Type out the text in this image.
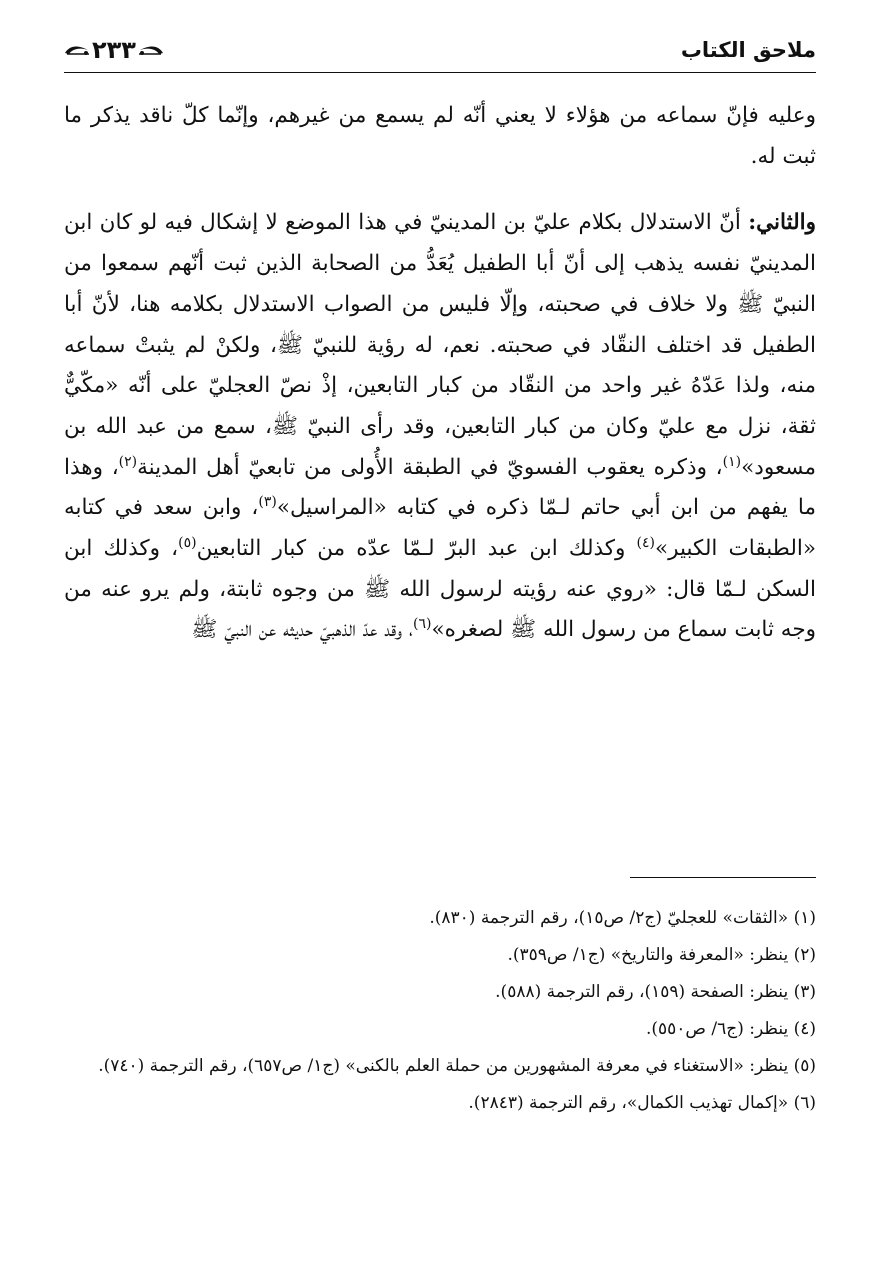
ملاحق الكتاب
٢٣٣

وعليه فإنّ سماعه من هؤلاء لا يعني أنّه لم يسمع من غيرهم، وإنّما كلّ ناقد يذكر ما ثبت له.

والثاني: أنّ الاستدلال بكلام عليّ بن المدينيّ في هذا الموضع لا إشكال فيه لو كان ابن المدينيّ نفسه يذهب إلى أنّ أبا الطفيل يُعَدُّ من الصحابة الذين ثبت أنّهم سمعوا من النبيّ ﷺ ولا خلاف في صحبته، وإلّا فليس من الصواب الاستدلال بكلامه هنا، لأنّ أبا الطفيل قد اختلف النقّاد في صحبته. نعم، له رؤية للنبيّ ﷺ، ولكنْ لم يثبتْ سماعه منه، ولذا عَدّهُ غير واحد من النقّاد من كبار التابعين، إذْ نصّ العجليّ على أنّه «مكّيٌّ ثقة، نزل مع عليّ وكان من كبار التابعين، وقد رأى النبيّ ﷺ، سمع من عبد الله بن مسعود»$^{(١)}$، وذكره يعقوب الفسويّ في الطبقة الأُولى من تابعيّ أهل المدينة$^{(٢)}$، وهذا ما يفهم من ابن أبي حاتم لـمّا ذكره في كتابه «المراسيل»$^{(٣)}$، وابن سعد في كتابه «الطبقات الكبير»$^{(٤)}$ وكذلك ابن عبد البرّ لـمّا عدّه من كبار التابعين$^{(٥)}$، وكذلك ابن السكن لـمّا قال: «روي عنه رؤيته لرسول الله ﷺ من وجوه ثابتة، ولم يرو عنه من وجه ثابت سماع من رسول الله ﷺ لصغره»$^{(٦)}$، وقد عدّ الذهبيّ حديثه عن النبيّ ﷺ

(١) «الثقات» للعجليّ (ج٢/ ص١٥)، رقم الترجمة (٨٣٠).

(٢) ينظر: «المعرفة والتاريخ» (ج١/ ص٣٥٩).

(٣) ينظر: الصفحة (١٥٩)، رقم الترجمة (٥٨٨).

(٤) ينظر: (ج٦/ ص٥٥٠).

(٥) ينظر: «الاستغناء في معرفة المشهورين من حملة العلم بالكنى» (ج١/ ص٦٥٧)، رقم الترجمة (٧٤٠).

(٦) «إكمال تهذيب الكمال»، رقم الترجمة (٢٨٤٣).
